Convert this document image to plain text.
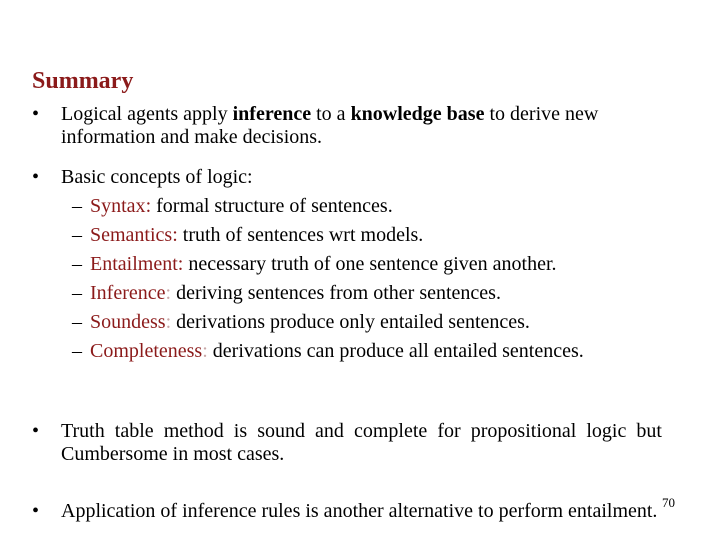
Summary
•	Logical agents apply inference to a knowledge base to derive new information and make decisions.
•	Basic concepts of logic:
– Syntax: formal structure of sentences.
– Semantics: truth of sentences wrt models.
– Entailment: necessary truth of one sentence given another.
– Inference: deriving sentences from other sentences.
– Soundess: derivations produce only entailed sentences.
– Completeness: derivations can produce all entailed sentences.
•	Truth table method is sound and complete for propositional logic but Cumbersome in most cases.
•	Application of inference rules is another alternative to perform entailment. 70
